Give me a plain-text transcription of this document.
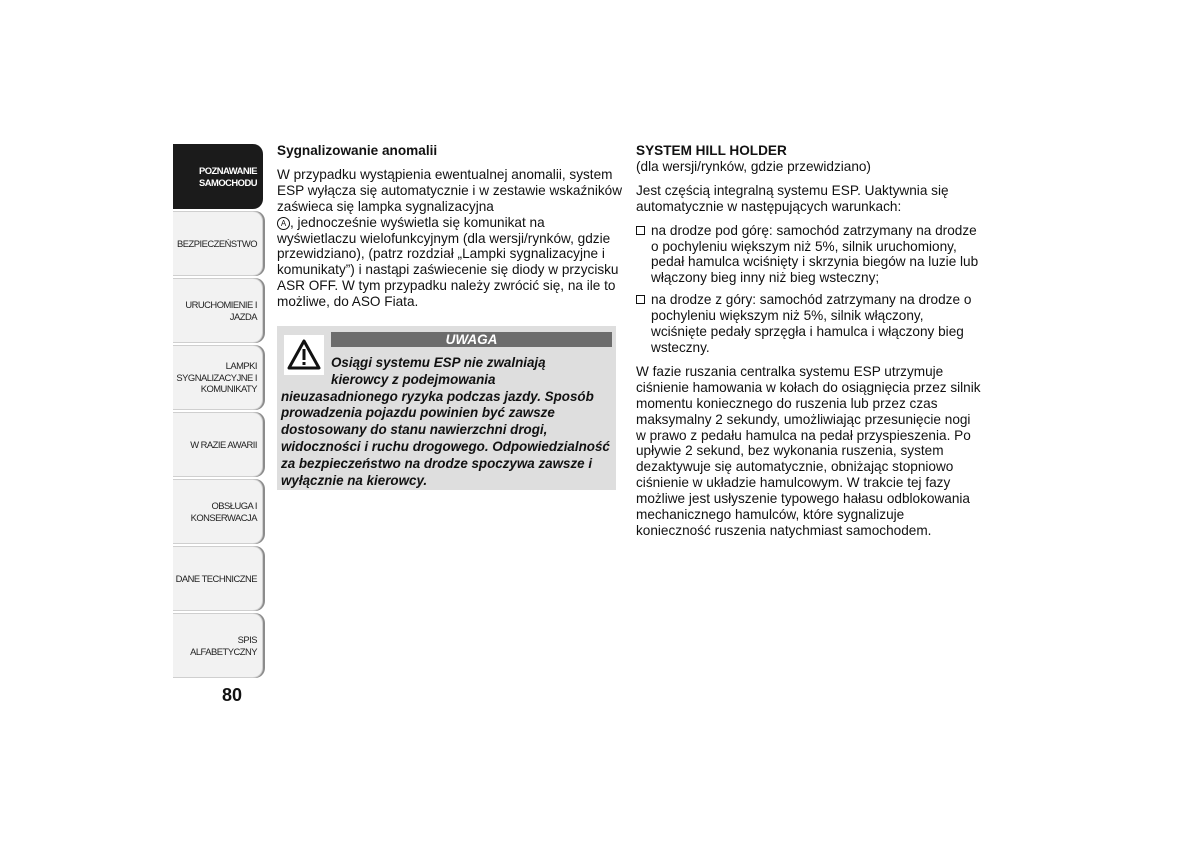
POZNAWANIE
SAMOCHODU
BEZPIECZEŃSTWO
URUCHOMIENIE I
JAZDA
LAMPKI
SYGNALIZACYJNE I
KOMUNIKATY
W RAZIE AWARII
OBSŁUGA I
KONSERWACJA
DANE TECHNICZNE
SPIS ALFABETYCZNY
80
Sygnalizowanie anomalii

W przypadku wystąpienia ewentualnej anomalii, system ESP wyłącza się automatycznie i w zestawie wskaźników zaświeca się lampka sygnalizacyjna
A , jednocześnie wyświetla się komunikat na wyświetlaczu wielofunkcyjnym (dla wersji/rynków, gdzie przewidziano), (patrz rozdział „Lampki sygnalizacyjne i komunikaty”) i nastąpi zaświecenie się diody w przycisku ASR OFF. W tym przypadku należy zwrócić się, na ile to możliwe, do ASO Fiata.

UWAGA
Osiągi systemu ESP nie zwalniają
kierowcy z podejmowania
nieuzasadnionego ryzyka podczas jazdy. Sposób prowadzenia pojazdu powinien być zawsze dostosowany do stanu nawierzchni drogi, widoczności i ruchu drogowego. Odpowiedzialność za bezpieczeństwo na drodze spoczywa zawsze i wyłącznie na kierowcy.
SYSTEM HILL HOLDER

(dla wersji/rynków, gdzie przewidziano)

Jest częścią integralną systemu ESP. Uaktywnia się automatycznie w następujących warunkach:

na drodze pod górę: samochód zatrzymany na drodze o pochyleniu większym niż 5%, silnik uruchomiony, pedał hamulca wciśnięty i skrzynia biegów na luzie lub włączony bieg inny niż bieg wsteczny;
na drodze z góry: samochód zatrzymany na drodze o pochyleniu większym niż 5%, silnik włączony, wciśnięte pedały sprzęgła i hamulca i włączony bieg wsteczny.

W fazie ruszania centralka systemu ESP utrzymuje ciśnienie hamowania w kołach do osiągnięcia przez silnik momentu koniecznego do ruszenia lub przez czas maksymalny 2 sekundy, umożliwiając przesunięcie nogi w prawo z pedału hamulca na pedał przyspieszenia. Po upływie 2 sekund, bez wykonania ruszenia, system dezaktywuje się automatycznie, obniżając stopniowo ciśnienie w układzie hamulcowym. W trakcie tej fazy możliwe jest usłyszenie typowego hałasu odblokowania mechanicznego hamulców, które sygnalizuje konieczność ruszenia natychmiast samochodem.
